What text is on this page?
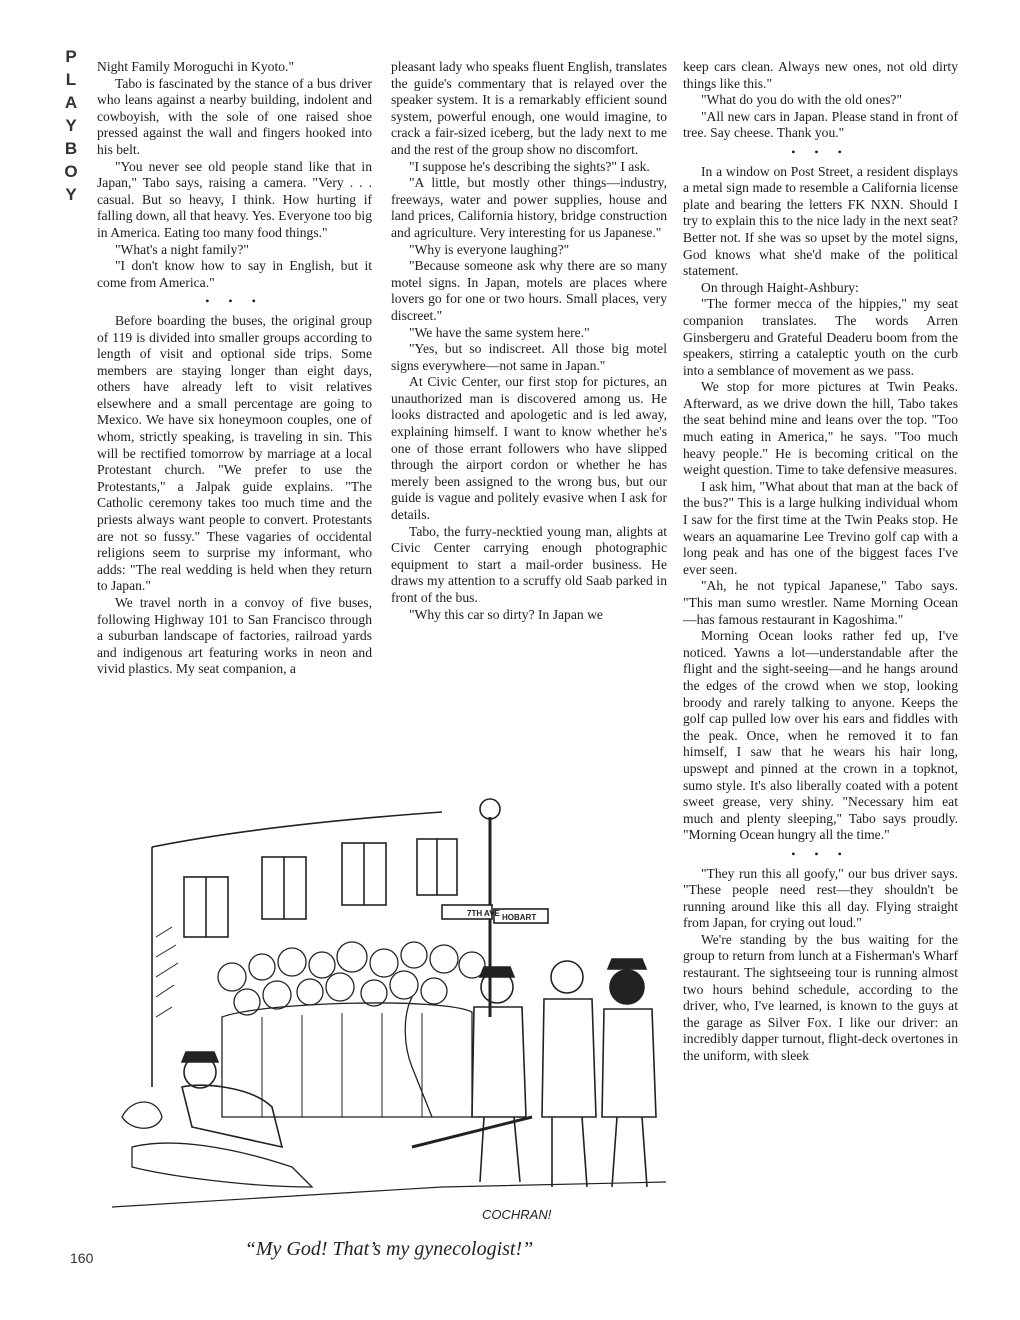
P
L
A
Y
B
O
Y

Night Family Moroguchi in Kyoto."

Tabo is fascinated by the stance of a bus driver who leans against a nearby building, indolent and cowboyish, with the sole of one raised shoe pressed against the wall and fingers hooked into his belt.

"You never see old people stand like that in Japan," Tabo says, raising a camera. "Very . . . casual. But so heavy, I think. How hurting if falling down, all that heavy. Yes. Everyone too big in America. Eating too many food things."

"What's a night family?"

"I don't know how to say in English, but it come from America."

• • •

Before boarding the buses, the original group of 119 is divided into smaller groups according to length of visit and optional side trips. Some members are staying longer than eight days, others have already left to visit relatives elsewhere and a small percentage are going to Mexico. We have six honeymoon couples, one of whom, strictly speaking, is traveling in sin. This will be rectified tomorrow by marriage at a local Protestant church. "We prefer to use the Protestants," a Jalpak guide explains. "The Catholic ceremony takes too much time and the priests always want people to convert. Protestants are not so fussy." These vagaries of occidental religions seem to surprise my informant, who adds: "The real wedding is held when they return to Japan."

We travel north in a convoy of five buses, following Highway 101 to San Francisco through a suburban landscape of factories, railroad yards and indigenous art featuring works in neon and vivid plastics. My seat companion, a

pleasant lady who speaks fluent English, translates the guide's commentary that is relayed over the speaker system. It is a remarkably efficient sound system, powerful enough, one would imagine, to crack a fair-sized iceberg, but the lady next to me and the rest of the group show no discomfort.

"I suppose he's describing the sights?" I ask.

"A little, but mostly other things—industry, freeways, water and power supplies, house and land prices, California history, bridge construction and agriculture. Very interesting for us Japanese."

"Why is everyone laughing?"

"Because someone ask why there are so many motel signs. In Japan, motels are places where lovers go for one or two hours. Small places, very discreet."

"We have the same system here."

"Yes, but so indiscreet. All those big motel signs everywhere—not same in Japan."

At Civic Center, our first stop for pictures, an unauthorized man is discovered among us. He looks distracted and apologetic and is led away, explaining himself. I want to know whether he's one of those errant followers who have slipped through the airport cordon or whether he has merely been assigned to the wrong bus, but our guide is vague and politely evasive when I ask for details.

Tabo, the furry-necktied young man, alights at Civic Center carrying enough photographic equipment to start a mail-order business. He draws my attention to a scruffy old Saab parked in front of the bus.

"Why this car so dirty? In Japan we

keep cars clean. Always new ones, not old dirty things like this."

"What do you do with the old ones?"

"All new cars in Japan. Please stand in front of tree. Say cheese. Thank you."

• • •

In a window on Post Street, a resident displays a metal sign made to resemble a California license plate and bearing the letters FK NXN. Should I try to explain this to the nice lady in the next seat? Better not. If she was so upset by the motel signs, God knows what she'd make of the political statement.

On through Haight-Ashbury:

"The former mecca of the hippies," my seat companion translates. The words Arren Ginsbergeru and Grateful Deaderu boom from the speakers, stirring a cataleptic youth on the curb into a semblance of movement as we pass.

We stop for more pictures at Twin Peaks. Afterward, as we drive down the hill, Tabo takes the seat behind mine and leans over the top. "Too much eating in America," he says. "Too much heavy people." He is becoming critical on the weight question. Time to take defensive measures.

I ask him, "What about that man at the back of the bus?" This is a large hulking individual whom I saw for the first time at the Twin Peaks stop. He wears an aquamarine Lee Trevino golf cap with a long peak and has one of the biggest faces I've ever seen.

"Ah, he not typical Japanese," Tabo says. "This man sumo wrestler. Name Morning Ocean—has famous restaurant in Kagoshima."

Morning Ocean looks rather fed up, I've noticed. Yawns a lot—understandable after the flight and the sight-seeing—and he hangs around the edges of the crowd when we stop, looking broody and rarely talking to anyone. Keeps the golf cap pulled low over his ears and fiddles with the peak. Once, when he removed it to fan himself, I saw that he wears his hair long, upswept and pinned at the crown in a topknot, sumo style. It's also liberally coated with a potent sweet grease, very shiny. "Necessary him eat much and plenty sleeping," Tabo says proudly. "Morning Ocean hungry all the time."

• • •

"They run this all goofy," our bus driver says. "These people need rest—they shouldn't be running around like this all day. Flying straight from Japan, for crying out loud."

We're standing by the bus waiting for the group to return from lunch at a Fisherman's Wharf restaurant. The sightseeing tour is running almost two hours behind schedule, according to the driver, who, I've learned, is known to the guys at the garage as Silver Fox. I like our driver: an incredibly dapper turnout, flight-deck overtones in the uniform, with sleek

7TH AVE HOBART
COCHRAN!
“My God! That’s my gynecologist!”
160
